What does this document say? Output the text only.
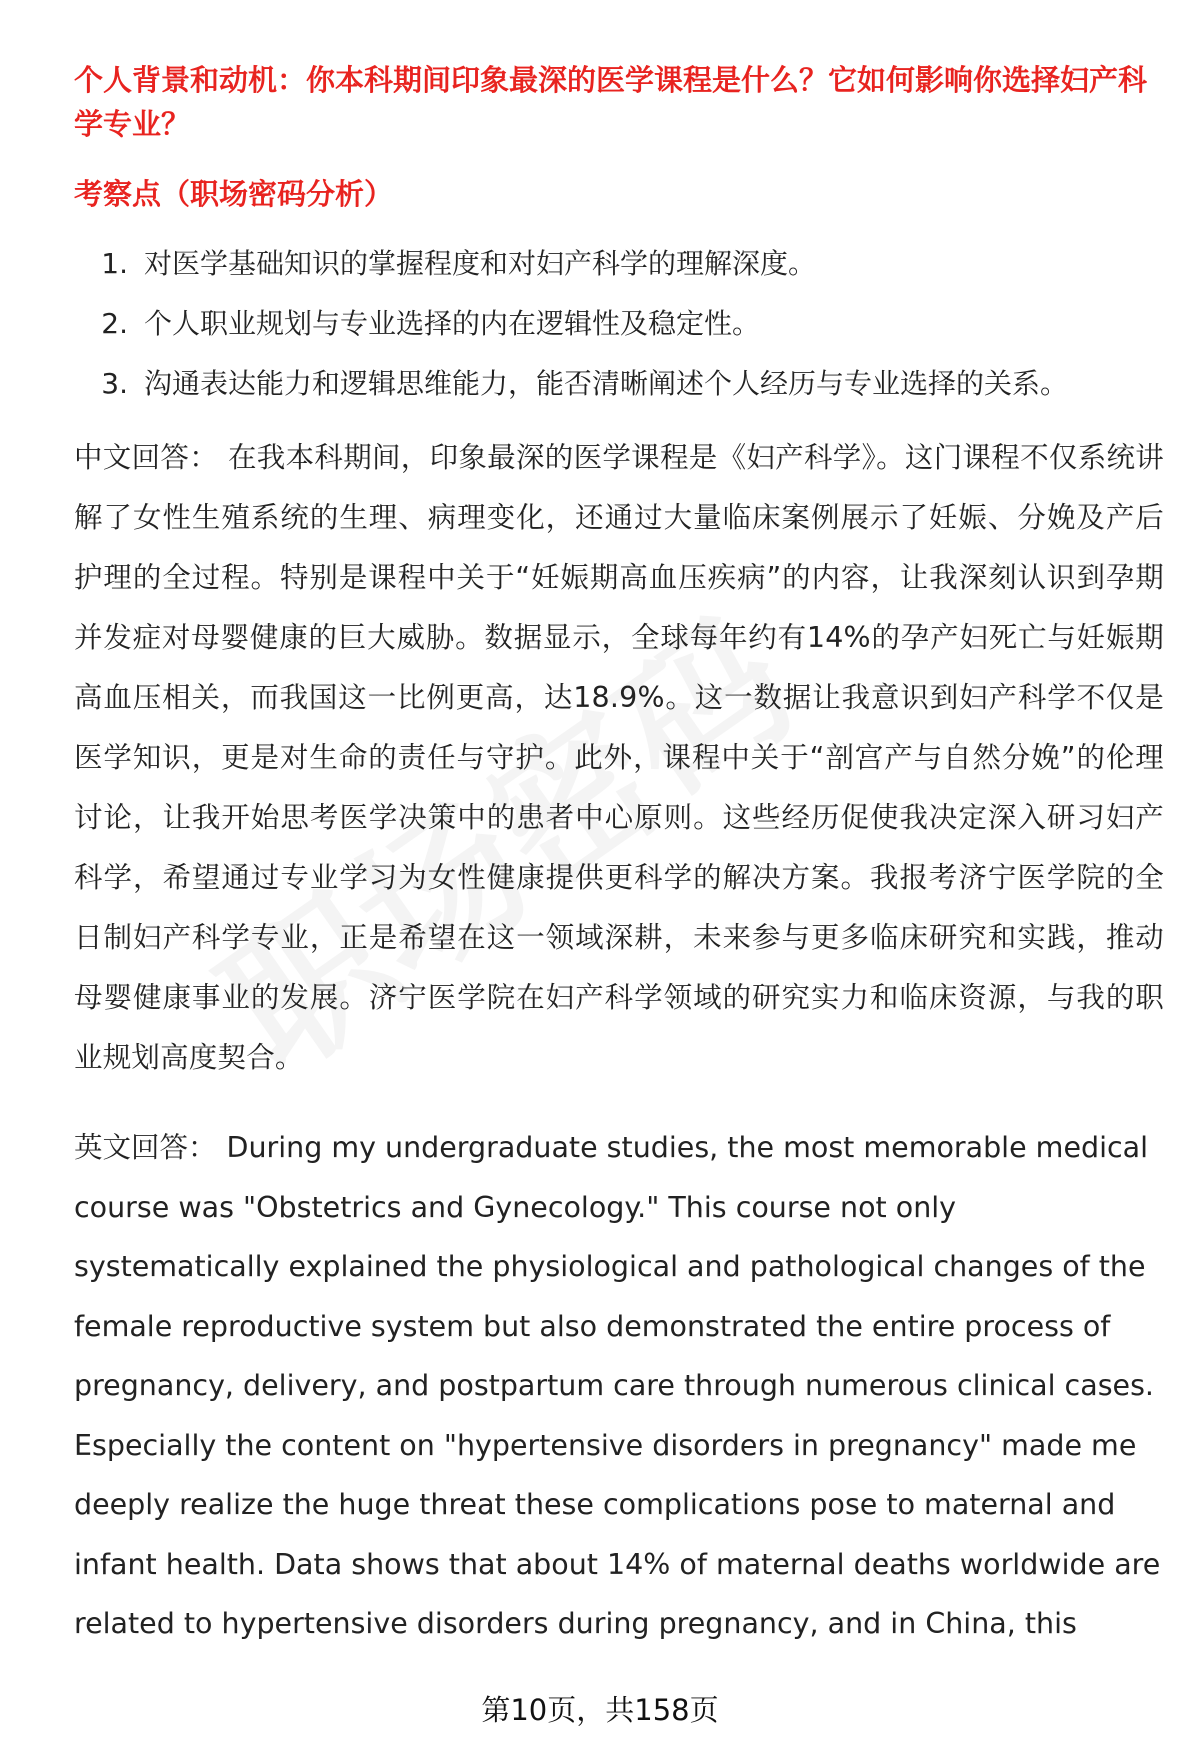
个人背景和动机：你本科期间印象最深的医学课程是什么？它如何影响你选择妇产科学专业？

考察点（职场密码分析）

1. 对医学基础知识的掌握程度和对妇产科学的理解深度。
2. 个人职业规划与专业选择的内在逻辑性及稳定性。
3. 沟通表达能力和逻辑思维能力，能否清晰阐述个人经历与专业选择的关系。

中文回答： 在我本科期间，印象最深的医学课程是《妇产科学》。这门课程不仅系统讲解了女性生殖系统的生理、病理变化，还通过大量临床案例展示了妊娠、分娩及产后护理的全过程。特别是课程中关于“妊娠期高血压疾病”的内容，让我深刻认识到孕期并发症对母婴健康的巨大威胁。数据显示，全球每年约有14%的孕产妇死亡与妊娠期高血压相关，而我国这一比例更高，达18.9%。这一数据让我意识到妇产科学不仅是医学知识，更是对生命的责任与守护。此外，课程中关于“剖宫产与自然分娩”的伦理讨论，让我开始思考医学决策中的患者中心原则。这些经历促使我决定深入研习妇产科学，希望通过专业学习为女性健康提供更科学的解决方案。我报考济宁医学院的全日制妇产科学专业，正是希望在这一领域深耕，未来参与更多临床研究和实践，推动母婴健康事业的发展。济宁医学院在妇产科学领域的研究实力和临床资源，与我的职业规划高度契合。

英文回答： During my undergraduate studies, the most memorable medical course was "Obstetrics and Gynecology." This course not only systematically explained the physiological and pathological changes of the female reproductive system but also demonstrated the entire process of pregnancy, delivery, and postpartum care through numerous clinical cases. Especially the content on "hypertensive disorders in pregnancy" made me deeply realize the huge threat these complications pose to maternal and infant health. Data shows that about 14% of maternal deaths worldwide are related to hypertensive disorders during pregnancy, and in China, this

第10页，共158页
